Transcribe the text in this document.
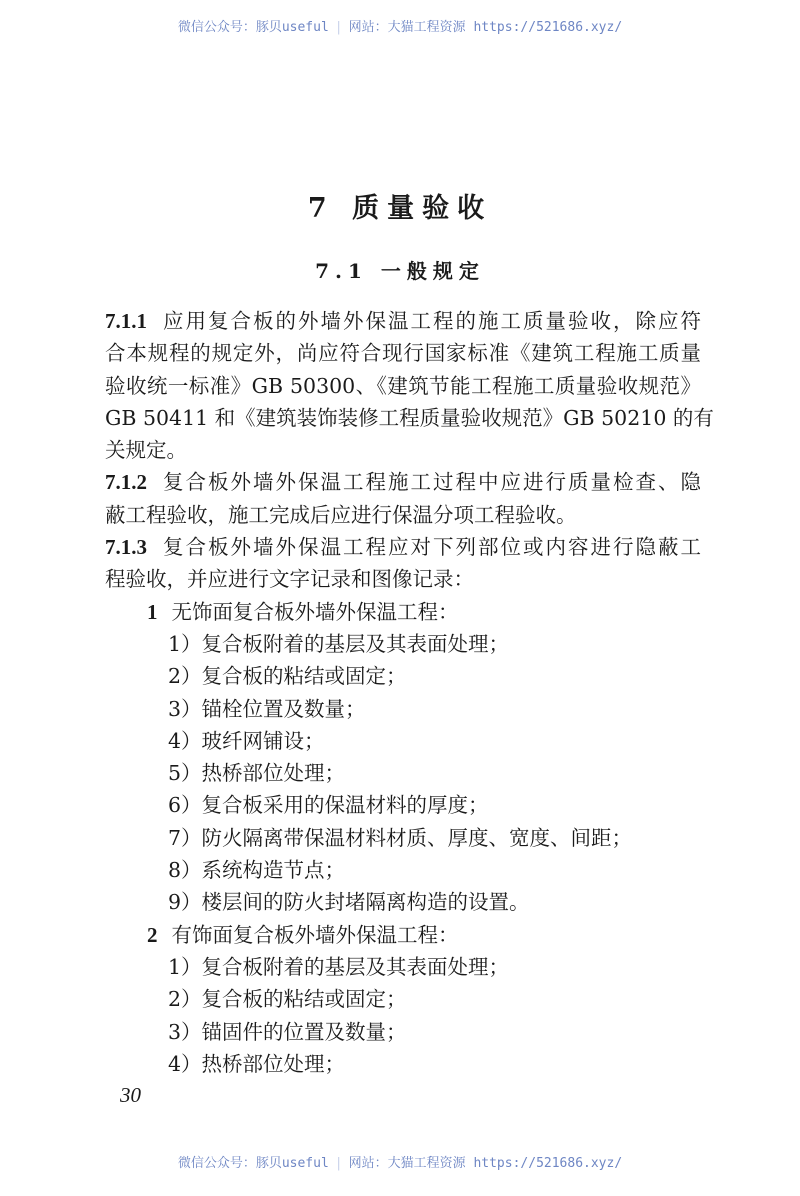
微信公众号：豚贝useful | 网站：大猫工程资源 https://521686.xyz/
7 质量验收
7.1 一般规定
7.1.1 应用复合板的外墙外保温工程的施工质量验收，除应符
合本规程的规定外，尚应符合现行国家标准《建筑工程施工质量
验收统一标准》GB 50300、《建筑节能工程施工质量验收规范》
GB 50411 和《建筑装饰装修工程质量验收规范》GB 50210 的有
关规定。
7.1.2 复合板外墙外保温工程施工过程中应进行质量检查、隐
蔽工程验收，施工完成后应进行保温分项工程验收。
7.1.3 复合板外墙外保温工程应对下列部位或内容进行隐蔽工
程验收，并应进行文字记录和图像记录：
1 无饰面复合板外墙外保温工程：
1）复合板附着的基层及其表面处理；
2）复合板的粘结或固定；
3）锚栓位置及数量；
4）玻纤网铺设；
5）热桥部位处理；
6）复合板采用的保温材料的厚度；
7）防火隔离带保温材料材质、厚度、宽度、间距；
8）系统构造节点；
9）楼层间的防火封堵隔离构造的设置。
2 有饰面复合板外墙外保温工程：
1）复合板附着的基层及其表面处理；
2）复合板的粘结或固定；
3）锚固件的位置及数量；
4）热桥部位处理；
30
微信公众号：豚贝useful | 网站：大猫工程资源 https://521686.xyz/
